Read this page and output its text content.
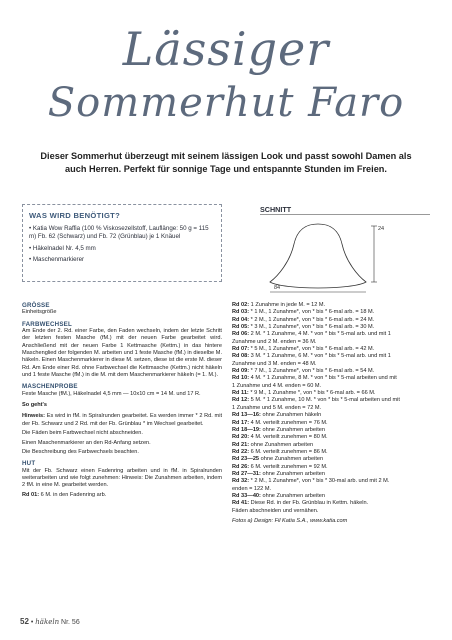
Lässiger
Sommerhut Faro
Dieser Sommerhut überzeugt mit seinem lässigen Look und passt sowohl Damen als auch Herren. Perfekt für sonnige Tage und entspannte Stunden im Freien.
WAS WIRD BENÖTIGT?
• Katia Wow Raffia (100 % Viskosezellstoff, Lauflänge: 50 g = 115 m) Fb. 62 (Schwarz) und Fb. 72 (Grünblau) je 1 Knäuel
• Häkelnadel Nr. 4,5 mm
• Maschenmarkierer
SCHNITT
24
84
GRÖSSE

Einheitsgröße

FARBWECHSEL

Am Ende der 2. Rd. einer Farbe, den Faden wechseln, indem der letzte Schritt der letzten festen Masche (fM.) mit der neuen Farbe gearbeitet wird. Anschließend mit der neuen Farbe 1 Kettmasche (Kettm.) in das hintere Maschenglied der folgenden M. arbeiten und 1 feste Masche (fM.) in dieselbe M. häkeln. Einen Maschenmarkierer in diese M. setzen, diese ist die erste M. dieser Rd. Am Ende einer Rd. ohne Farbwechsel die Kettmasche (Kettm.) nicht häkeln und 1 feste Masche (fM.) in die M. mit dem Maschenmarkierer häkeln (= 1. M.).

MASCHENPROBE

Feste Masche (fM.), Häkelnadel 4,5 mm — 10x10 cm = 14 M. und 17 R.

So geht's

Hinweis: Es wird in fM. in Spiralrunden gearbeitet. Es werden immer * 2 Rd. mit der Fb. Schwarz und 2 Rd. mit der Fb. Grünblau * im Wechsel gearbeitet.

Die Fäden beim Farbwechsel nicht abschneiden.

Einen Maschenmarkierer an den Rd-Anfang setzen.

Die Beschreibung des Farbwechsels beachten.

HUT

Mit der Fb. Schwarz einen Fadenring arbeiten und in fM. in Spiralrunden weiterarbeiten und wie folgt zunehmen: Hinweis: Die Zunahmen arbeiten, indem 2 fM. in eine M. gearbeitet werden.

Rd 01: 6 M. in den Fadenring arb.

Rd 02: 1 Zunahme in jede M. = 12 M.
Rd 03: * 1 M., 1 Zunahme*, von * bis * 6-mal arb. = 18 M.
Rd 04: * 2 M., 1 Zunahme*, von * bis * 6-mal arb. = 24 M.
Rd 05: * 3 M., 1 Zunahme*, von * bis * 6-mal arb. = 30 M.
Rd 06: 2 M. * 1 Zunahme, 4 M. * von * bis * 5-mal arb. und mit 1
Zunahme und 2 M. enden = 36 M.
Rd 07: * 5 M., 1 Zunahme*, von * bis * 6-mal arb. = 42 M.
Rd 08: 3 M. * 1 Zunahme, 6 M. * von * bis * 5-mal arb. und mit 1
Zunahme und 3 M. enden = 48 M.
Rd 09: * 7 M., 1 Zunahme*, von * bis * 6-mal arb. = 54 M.
Rd 10: 4 M. * 1 Zunahme, 8 M. * von * bis * 5-mal arbeiten und mit
1 Zunahme und 4 M. enden = 60 M.
Rd 11: * 9 M., 1 Zunahme *, von * bis * 6-mal arb. = 66 M.
Rd 12: 5 M. * 1 Zunahme, 10 M. * von * bis * 5-mal arbeiten und mit
1 Zunahme und 5 M. enden = 72 M.
Rd 13—16: ohne Zunahmen häkeln
Rd 17: 4 M. verteilt zunehmen = 76 M.
Rd 18—19: ohne Zunahmen arbeiten
Rd 20: 4 M. verteilt zunehmen = 80 M.
Rd 21: ohne Zunahmen arbeiten
Rd 22: 6 M. verteilt zunehmen = 86 M.
Rd 23—25 ohne Zunahmen arbeiten
Rd 26: 6 M. verteilt zunehmen = 92 M.
Rd 27—31: ohne Zunahmen arbeiten
Rd 32: * 2 M., 1 Zunahme*, von * bis * 30-mal arb. und mit 2 M.
enden = 122 M.
Rd 33—40: ohne Zunahmen arbeiten
Rd 41: Diese Rd. in der Fb. Grünblau in Kettm. häkeln.
Fäden abschneiden und vernähen.
Fotos a) Design: Fil Katia S.A., www.katia.com
52 • häkeln Nr. 56
